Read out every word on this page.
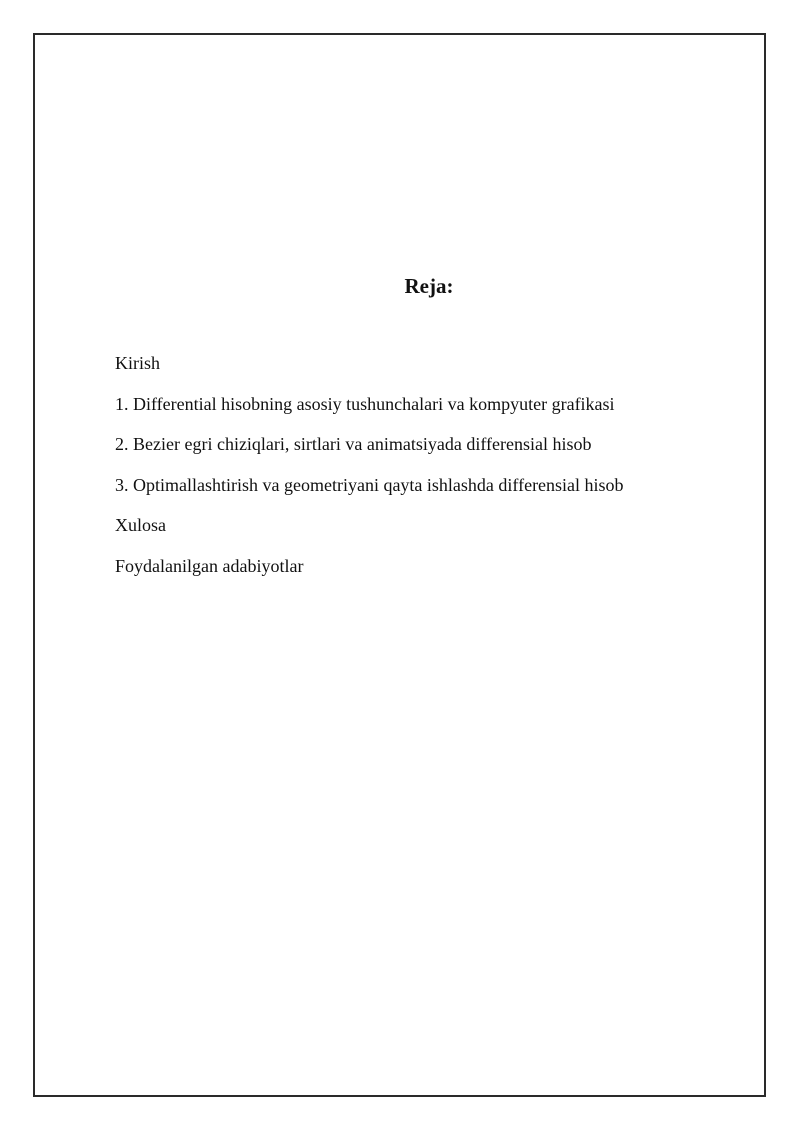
Reja:
Kirish
1. Differential hisobning asosiy tushunchalari va kompyuter grafikasi
2. Bezier egri chiziqlari, sirtlari va animatsiyada differensial hisob
3. Optimallashtirish va geometriyani qayta ishlashda differensial hisob
Xulosa
Foydalanilgan adabiyotlar
